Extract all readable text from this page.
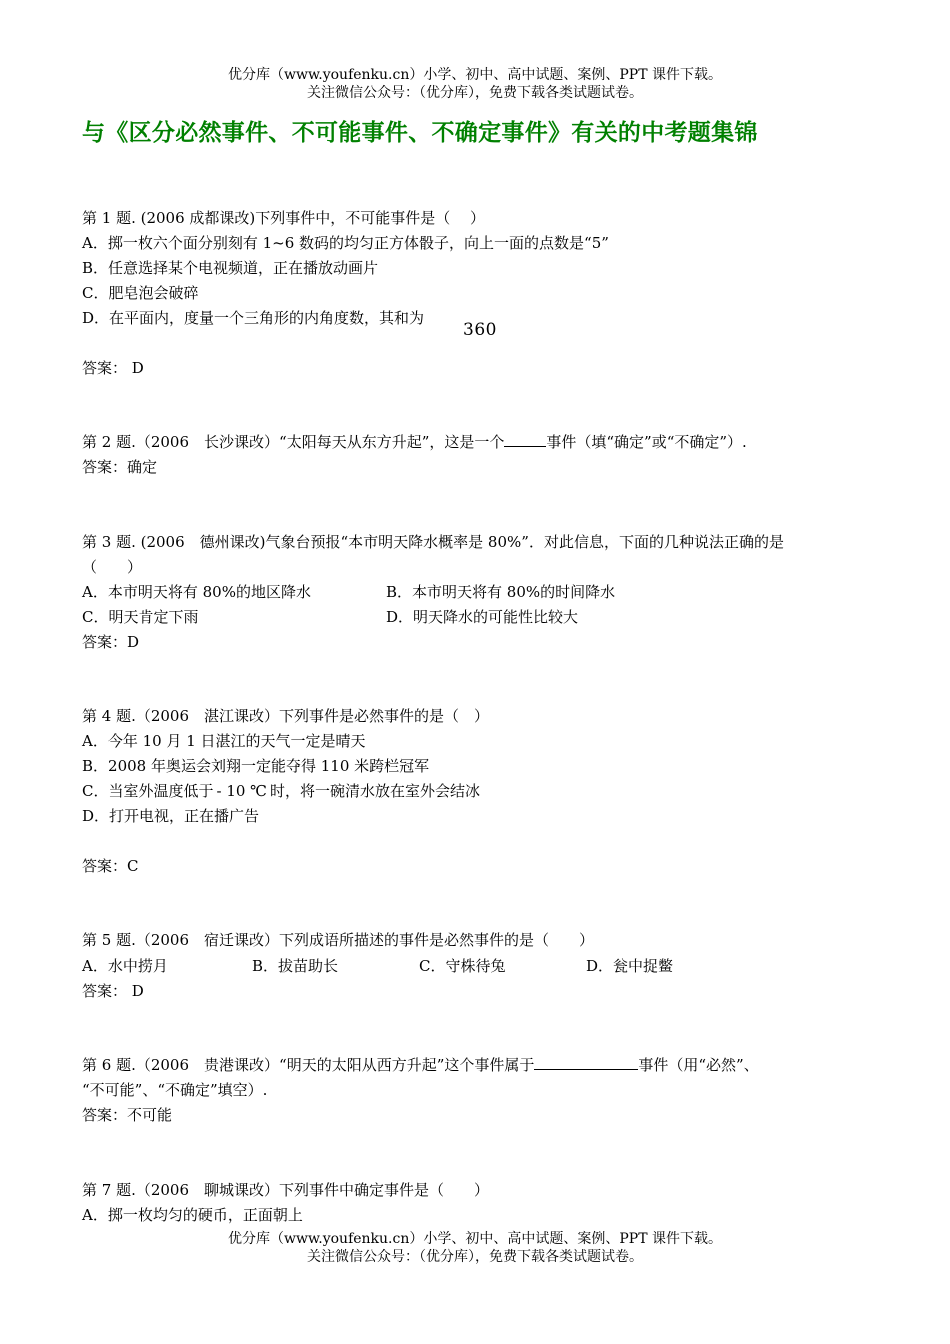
优分库（www.youfenku.cn）小学、初中、高中试题、案例、PPT 课件下载。
关注微信公众号：（优分库），免费下载各类试题试卷。
与《区分必然事件、不可能事件、不确定事件》有关的中考题集锦
第 1 题. (2006 成都课改)下列事件中，不可能事件是（　 ）
A．掷一枚六个面分别刻有 1~6 数码的均匀正方体骰子，向上一面的点数是“5”
B．任意选择某个电视频道，正在播放动画片
C．肥皂泡会破碎
D．在平面内，度量一个三角形的内角度数，其和为
360
答案： D
第 2 题.（2006　长沙课改）“太阳每天从东方升起”，这是一个	事件（填“确定”或“不确定”）.
答案：确定
第 3 题. (2006　德州课改)气象台预报“本市明天降水概率是 80%”．对此信息，下面的几种说法正确的是
（　　）
A．本市明天将有 80%的地区降水	B．本市明天将有 80%的时间降水
C．明天肯定下雨	D．明天降水的可能性比较大
答案：D
第 4 题.（2006　湛江课改）下列事件是必然事件的是（　）
A．今年 10 月 1 日湛江的天气一定是晴天
B．2008 年奥运会刘翔一定能夺得 110 米跨栏冠军
C．当室外温度低于 - 10 ℃ 时，将一碗清水放在室外会结冰
D．打开电视，正在播广告
答案：C
第 5 题.（2006　宿迁课改）下列成语所描述的事件是必然事件的是（　　）
A．水中捞月	B．拔苗助长	C．守株待兔	D．瓮中捉鳖
答案： D
第 6 题.（2006　贵港课改）“明天的太阳从西方升起”这个事件属于	事件（用“必然”、
“不可能”、“不确定”填空）.
答案：不可能
第 7 题.（2006　聊城课改）下列事件中确定事件是（　　）
A．掷一枚均匀的硬币，正面朝上
优分库（www.youfenku.cn）小学、初中、高中试题、案例、PPT 课件下载。
关注微信公众号：（优分库），免费下载各类试题试卷。
